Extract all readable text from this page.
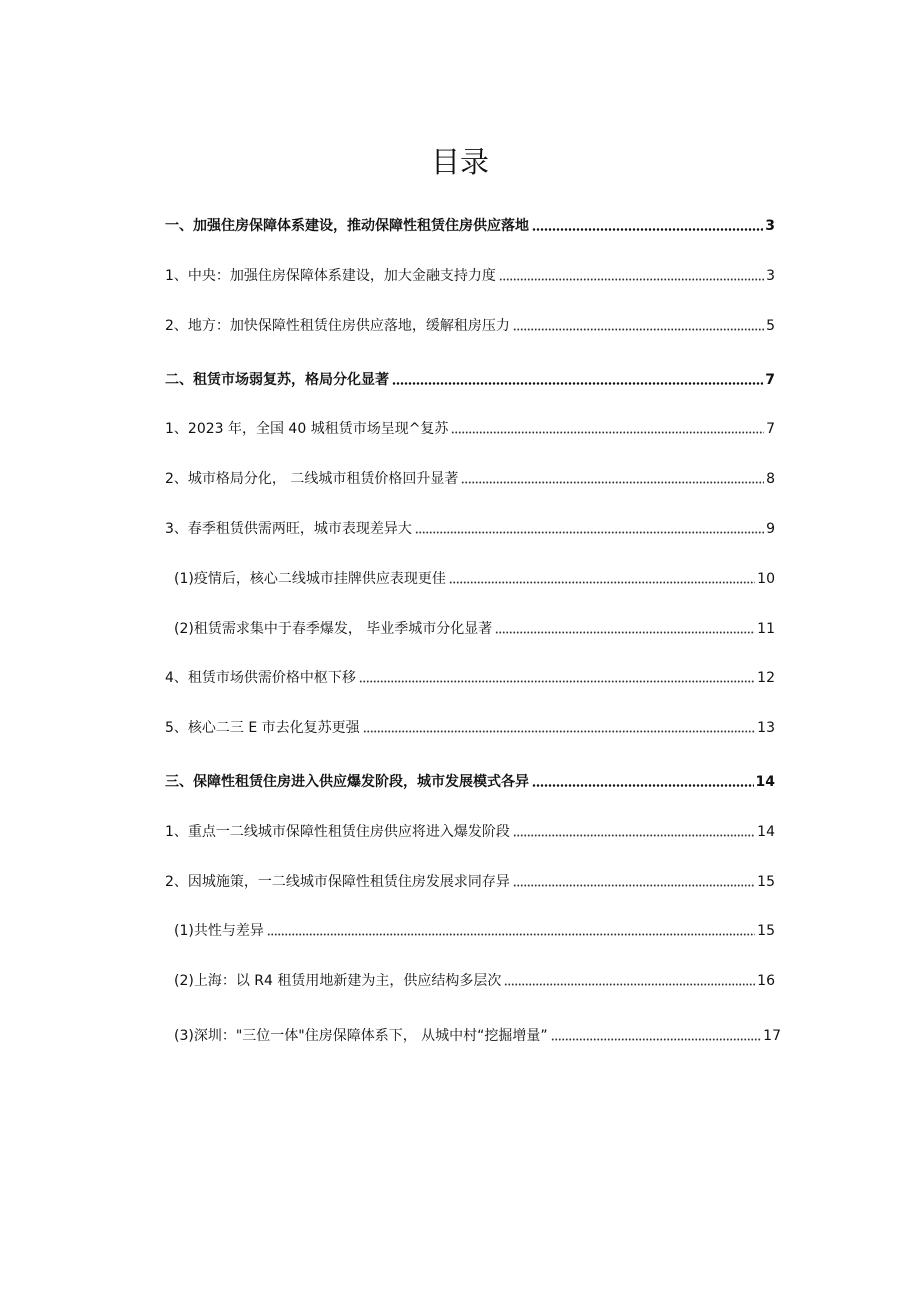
目录
一、加强住房保障体系建设，推动保障性租赁住房供应落地	3
1、中央：加强住房保障体系建设，加大金融支持力度	3
2、地方：加快保障性租赁住房供应落地，缓解租房压力	5
二、租赁市场弱复苏，格局分化显著	7
1、2023 年，全国 40 城租赁市场呈现^复苏	7
2、城市格局分化， 二线城市租赁价格回升显著	8
3、春季租赁供需两旺，城市表现差异大	9
(1)疫情后，核心二线城市挂牌供应表现更佳	10
(2)租赁需求集中于春季爆发， 毕业季城市分化显著	11
4、租赁市场供需价格中枢下移	12
5、核心二三 E 市去化复苏更强	13
三、保障性租赁住房进入供应爆发阶段，城市发展模式各异	14
1、重点一二线城市保障性租赁住房供应将进入爆发阶段	14
2、因城施策，一二线城市保障性租赁住房发展求同存异	15
(1)共性与差异	15
(2)上海：以 R4 租赁用地新建为主，供应结构多层次	16
(3)深圳："三位一体"住房保障体系下， 从城中村“挖掘增量”	17
